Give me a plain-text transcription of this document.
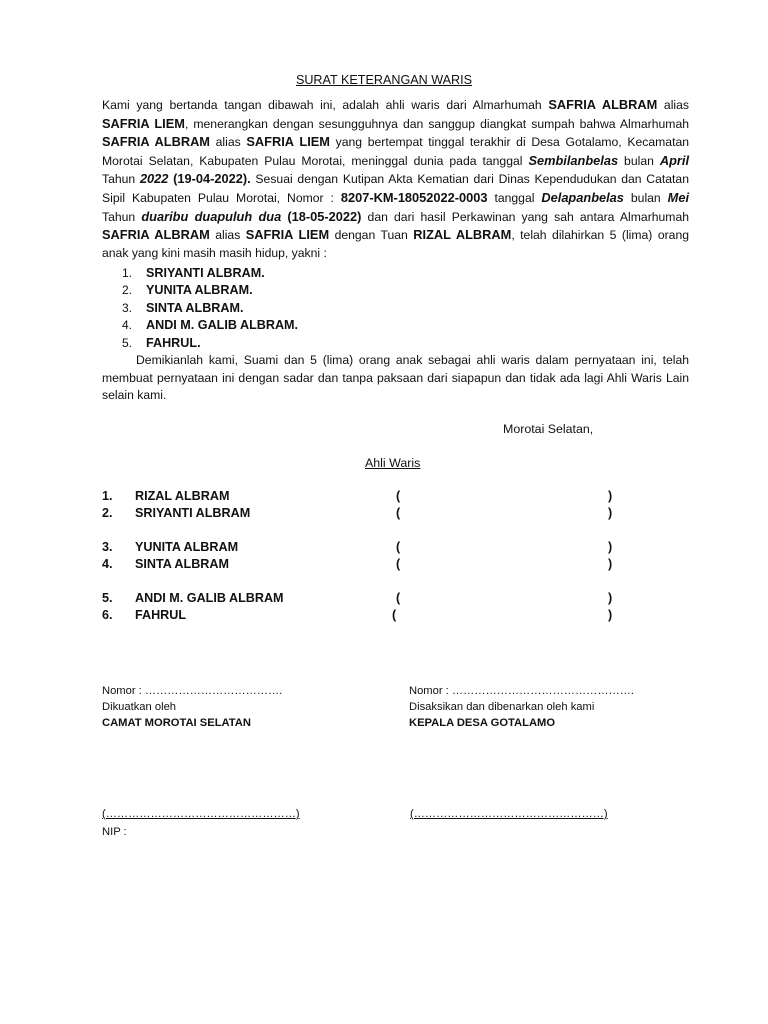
SURAT KETERANGAN WARIS
Kami yang bertanda tangan dibawah ini, adalah ahli waris dari Almarhumah SAFRIA ALBRAM alias SAFRIA LIEM, menerangkan dengan sesungguhnya dan sanggup diangkat sumpah bahwa Almarhumah SAFRIA ALBRAM alias SAFRIA LIEM yang bertempat tinggal terakhir di Desa Gotalamo, Kecamatan Morotai Selatan, Kabupaten Pulau Morotai, meninggal dunia pada tanggal Sembilanbelas bulan April Tahun 2022 (19-04-2022). Sesuai dengan Kutipan Akta Kematian dari Dinas Kependudukan dan Catatan Sipil Kabupaten Pulau Morotai, Nomor : 8207-KM-18052022-0003 tanggal Delapanbelas bulan Mei Tahun duaribu duapuluh dua (18-05-2022) dan dari hasil Perkawinan yang sah antara Almarhumah SAFRIA ALBRAM alias SAFRIA LIEM dengan Tuan RIZAL ALBRAM, telah dilahirkan 5 (lima) orang anak yang kini masih masih hidup, yakni :
1. SRIYANTI ALBRAM.
2. YUNITA ALBRAM.
3. SINTA ALBRAM.
4. ANDI M. GALIB ALBRAM.
5. FAHRUL.
Demikianlah kami, Suami dan 5 (lima) orang anak sebagai ahli waris dalam pernyataan ini, telah membuat pernyataan ini dengan sadar dan tanpa paksaan dari siapapun dan tidak ada lagi Ahli Waris Lain selain kami.
Morotai Selatan,
Ahli Waris
1. RIZAL ALBRAM	(	)
2. SRIYANTI ALBRAM	(	)
3. YUNITA ALBRAM	(	)
4. SINTA ALBRAM	(	)
5. ANDI M. GALIB ALBRAM	(	)
6. FAHRUL	(	)
Nomor : ……………………………….
Dikuatkan oleh
CAMAT MOROTAI SELATAN
Nomor : ………………………………………….
Disaksikan dan dibenarkan oleh kami
KEPALA DESA GOTALAMO
(……………………………………………)	(……………………………………………)
NIP :
